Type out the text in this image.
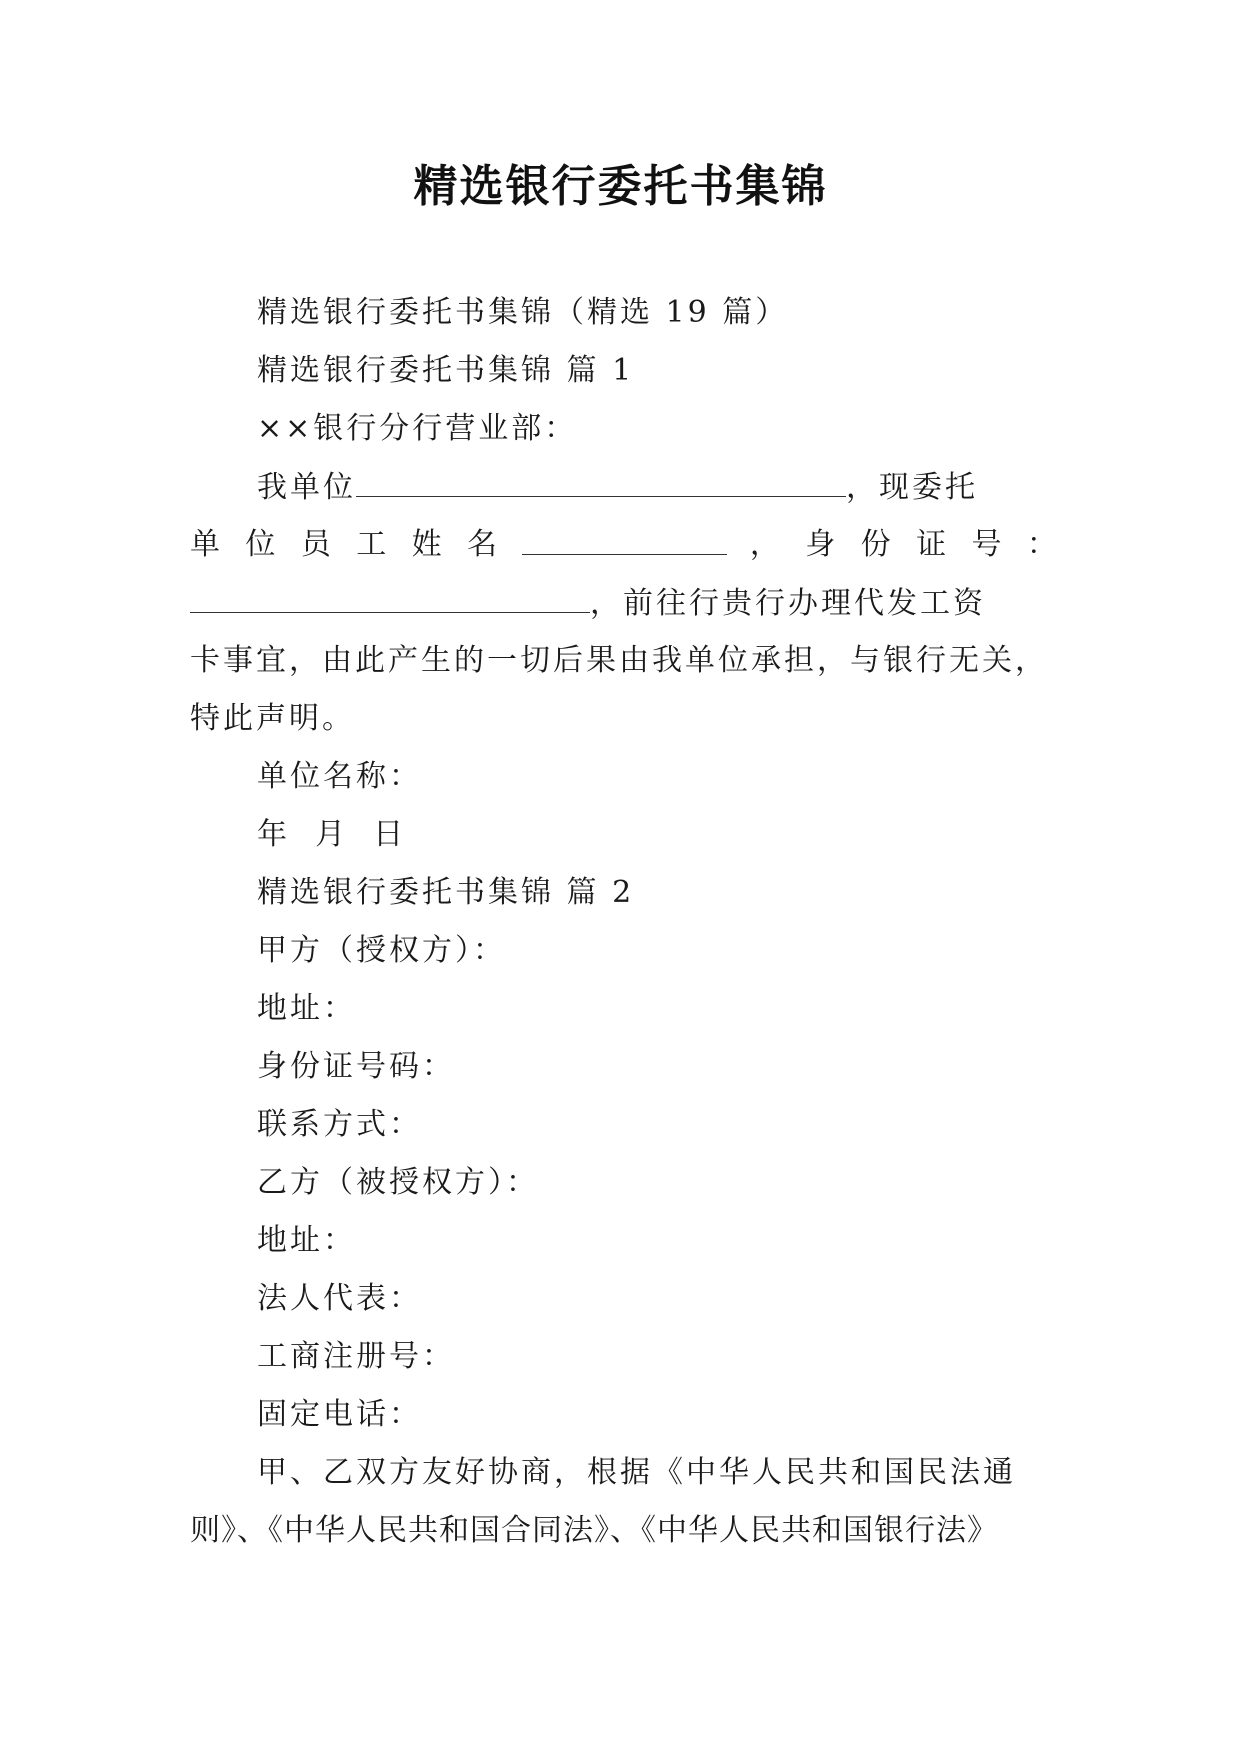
精选银行委托书集锦
精选银行委托书集锦（精选 19 篇）
精选银行委托书集锦 篇 1
××银行分行营业部：
我单位	，现委托
单 位 员 工 姓 名	， 身 份 证 号 ：
，前往行贵行办理代发工资
卡事宜，由此产生的一切后果由我单位承担，与银行无关，
特此声明。
单位名称：
年  月  日
精选银行委托书集锦 篇 2
甲方（授权方）：
地址：
身份证号码：
联系方式：
乙方（被授权方）：
地址：
法人代表：
工商注册号：
固定电话：
甲、乙双方友好协商，根据《中华人民共和国民法通
则》、《中华人民共和国合同法》、《中华人民共和国银行法》
